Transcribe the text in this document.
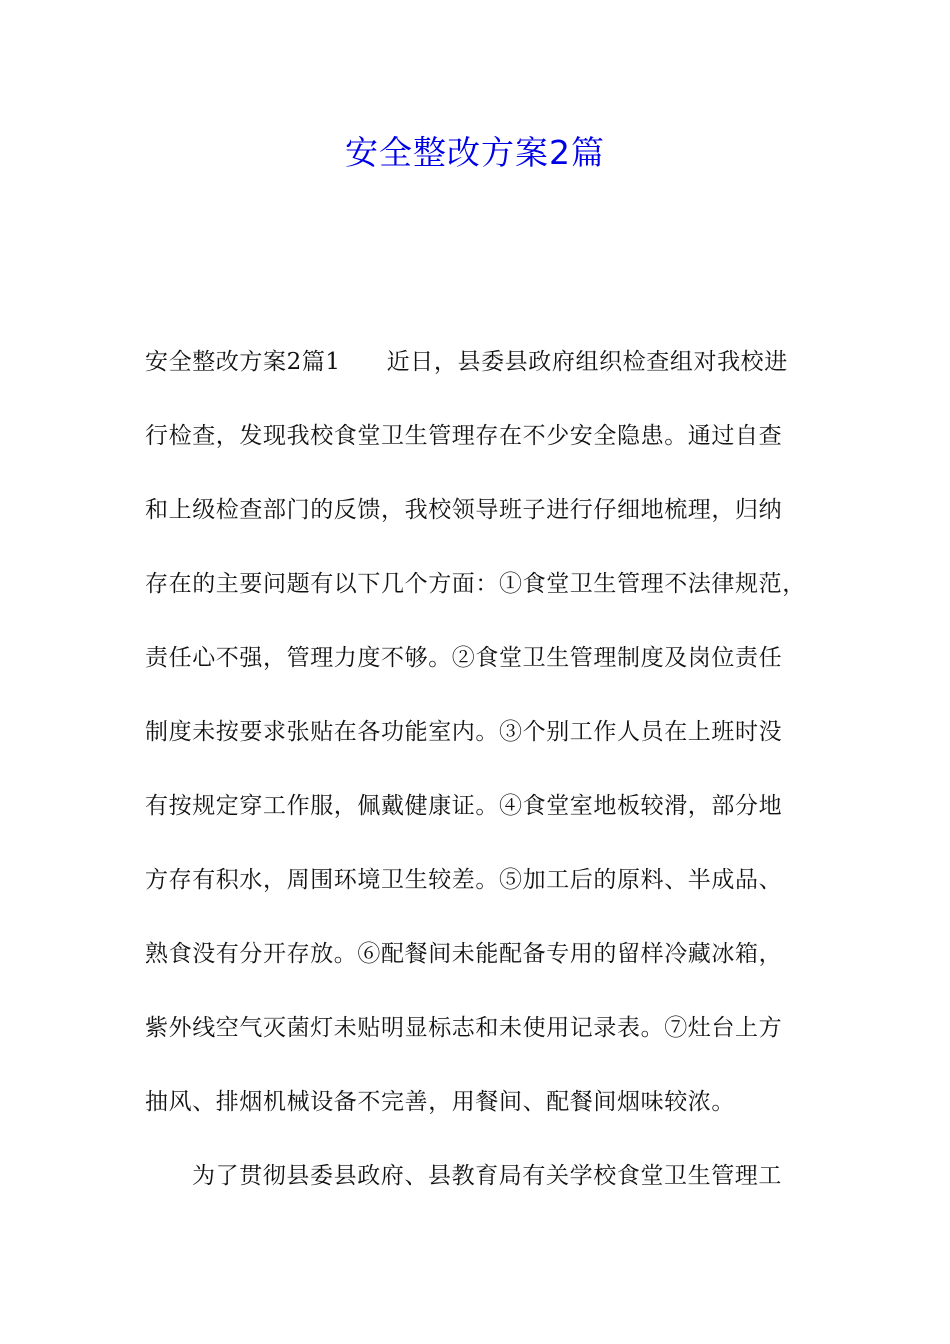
安全整改方案2篇
安全整改方案2篇1 近日，县委县政府组织检查组对我校进
行检查，发现我校食堂卫生管理存在不少安全隐患。通过自查
和上级检查部门的反馈，我校领导班子进行仔细地梳理，归纳
存在的主要问题有以下几个方面：①食堂卫生管理不法律规范，
责任心不强，管理力度不够。②食堂卫生管理制度及岗位责任
制度未按要求张贴在各功能室内。③个别工作人员在上班时没
有按规定穿工作服，佩戴健康证。④食堂室地板较滑，部分地
方存有积水，周围环境卫生较差。⑤加工后的原料、半成品、
熟食没有分开存放。⑥配餐间未能配备专用的留样冷藏冰箱，
紫外线空气灭菌灯未贴明显标志和未使用记录表。⑦灶台上方
抽风、排烟机械设备不完善，用餐间、配餐间烟味较浓。
为了贯彻县委县政府、县教育局有关学校食堂卫生管理工
